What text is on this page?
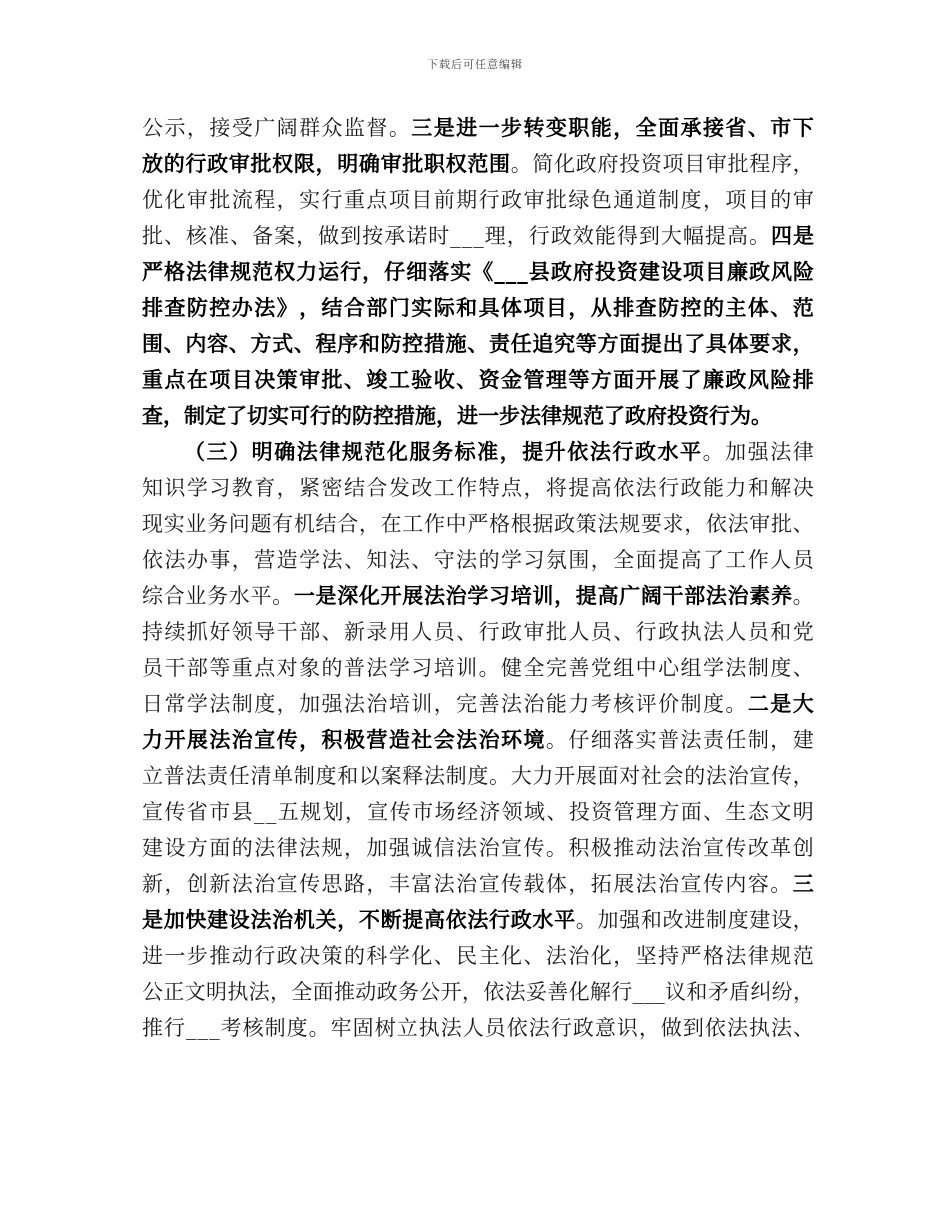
下载后可任意编辑
公 示 ， 接 受 广 阔 群 众 监 督 。 三 是 进 一 步 转 变 职 能 ， 全 面 承 接 省 、 市 下
放 的 行 政 审 批 权 限 ， 明 确 审 批 职 权 范 围 。 简 化 政 府 投 资 项 目 审 批 程 序 ，
优 化 审 批 流 程 ， 实 行 重 点 项 目 前 期 行 政 审 批 绿 色 通 道 制 度 ， 项 目 的 审
批 、 核 准 、 备 案 ， 做 到 按 承 诺 时 _ _ _ 理 ， 行 政 效 能 得 到 大 幅 提 高 。 四 是
严 格 法 律 规 范 权 力 运 行 ， 仔 细 落 实 《 _ _ _ 县 政 府 投 资 建 设 项 目 廉 政 风 险
排 查 防 控 办 法 》 ， 结 合 部 门 实 际 和 具 体 项 目 ， 从 排 查 防 控 的 主 体 、 范
围 、 内 容 、 方 式 、 程 序 和 防 控 措 施 、 责 任 追 究 等 方 面 提 出 了 具 体 要 求 ，
重 点 在 项 目 决 策 审 批 、 竣 工 验 收 、 资 金 管 理 等 方 面 开 展 了 廉 政 风 险 排
查 ， 制 定 了 切 实 可 行 的 防 控 措 施 ， 进 一 步 法 律 规 范 了 政 府 投 资 行 为 。
（ 三 ） 明 确 法 律 规 范 化 服 务 标 准 ， 提 升 依 法 行 政 水 平 。 加 强 法 律
知 识 学 习 教 育 ， 紧 密 结 合 发 改 工 作 特 点 ， 将 提 高 依 法 行 政 能 力 和 解 决
现 实 业 务 问 题 有 机 结 合 ， 在 工 作 中 严 格 根 据 政 策 法 规 要 求 ， 依 法 审 批 、
依 法 办 事 ， 营 造 学 法 、 知 法 、 守 法 的 学 习 氛 围 ， 全 面 提 高 了 工 作 人 员
综 合 业 务 水 平 。 一 是 深 化 开 展 法 治 学 习 培 训 ， 提 高 广 阔 干 部 法 治 素 养 。
持 续 抓 好 领 导 干 部 、 新 录 用 人 员 、 行 政 审 批 人 员 、 行 政 执 法 人 员 和 党
员 干 部 等 重 点 对 象 的 普 法 学 习 培 训 。 健 全 完 善 党 组 中 心 组 学 法 制 度 、
日 常 学 法 制 度 ， 加 强 法 治 培 训 ， 完 善 法 治 能 力 考 核 评 价 制 度 。 二 是 大
力 开 展 法 治 宣 传 ， 积 极 营 造 社 会 法 治 环 境 。 仔 细 落 实 普 法 责 任 制 ， 建
立 普 法 责 任 清 单 制 度 和 以 案 释 法 制 度 。 大 力 开 展 面 对 社 会 的 法 治 宣 传 ，
宣 传 省 市 县 _ _ 五 规 划 ， 宣 传 市 场 经 济 领 域 、 投 资 管 理 方 面 、 生 态 文 明
建 设 方 面 的 法 律 法 规 ， 加 强 诚 信 法 治 宣 传 。 积 极 推 动 法 治 宣 传 改 革 创
新 ， 创 新 法 治 宣 传 思 路 ， 丰 富 法 治 宣 传 载 体 ， 拓 展 法 治 宣 传 内 容 。 三
是 加 快 建 设 法 治 机 关 ， 不 断 提 高 依 法 行 政 水 平 。 加 强 和 改 进 制 度 建 设 ，
进 一 步 推 动 行 政 决 策 的 科 学 化 、 民 主 化 、 法 治 化 ， 坚 持 严 格 法 律 规 范
公 正 文 明 执 法 ， 全 面 推 动 政 务 公 开 ， 依 法 妥 善 化 解 行 _ _ _ 议 和 矛 盾 纠 纷 ，
推 行 _ _ _ 考 核 制 度 。 牢 固 树 立 执 法 人 员 依 法 行 政 意 识 ， 做 到 依 法 执 法 、
